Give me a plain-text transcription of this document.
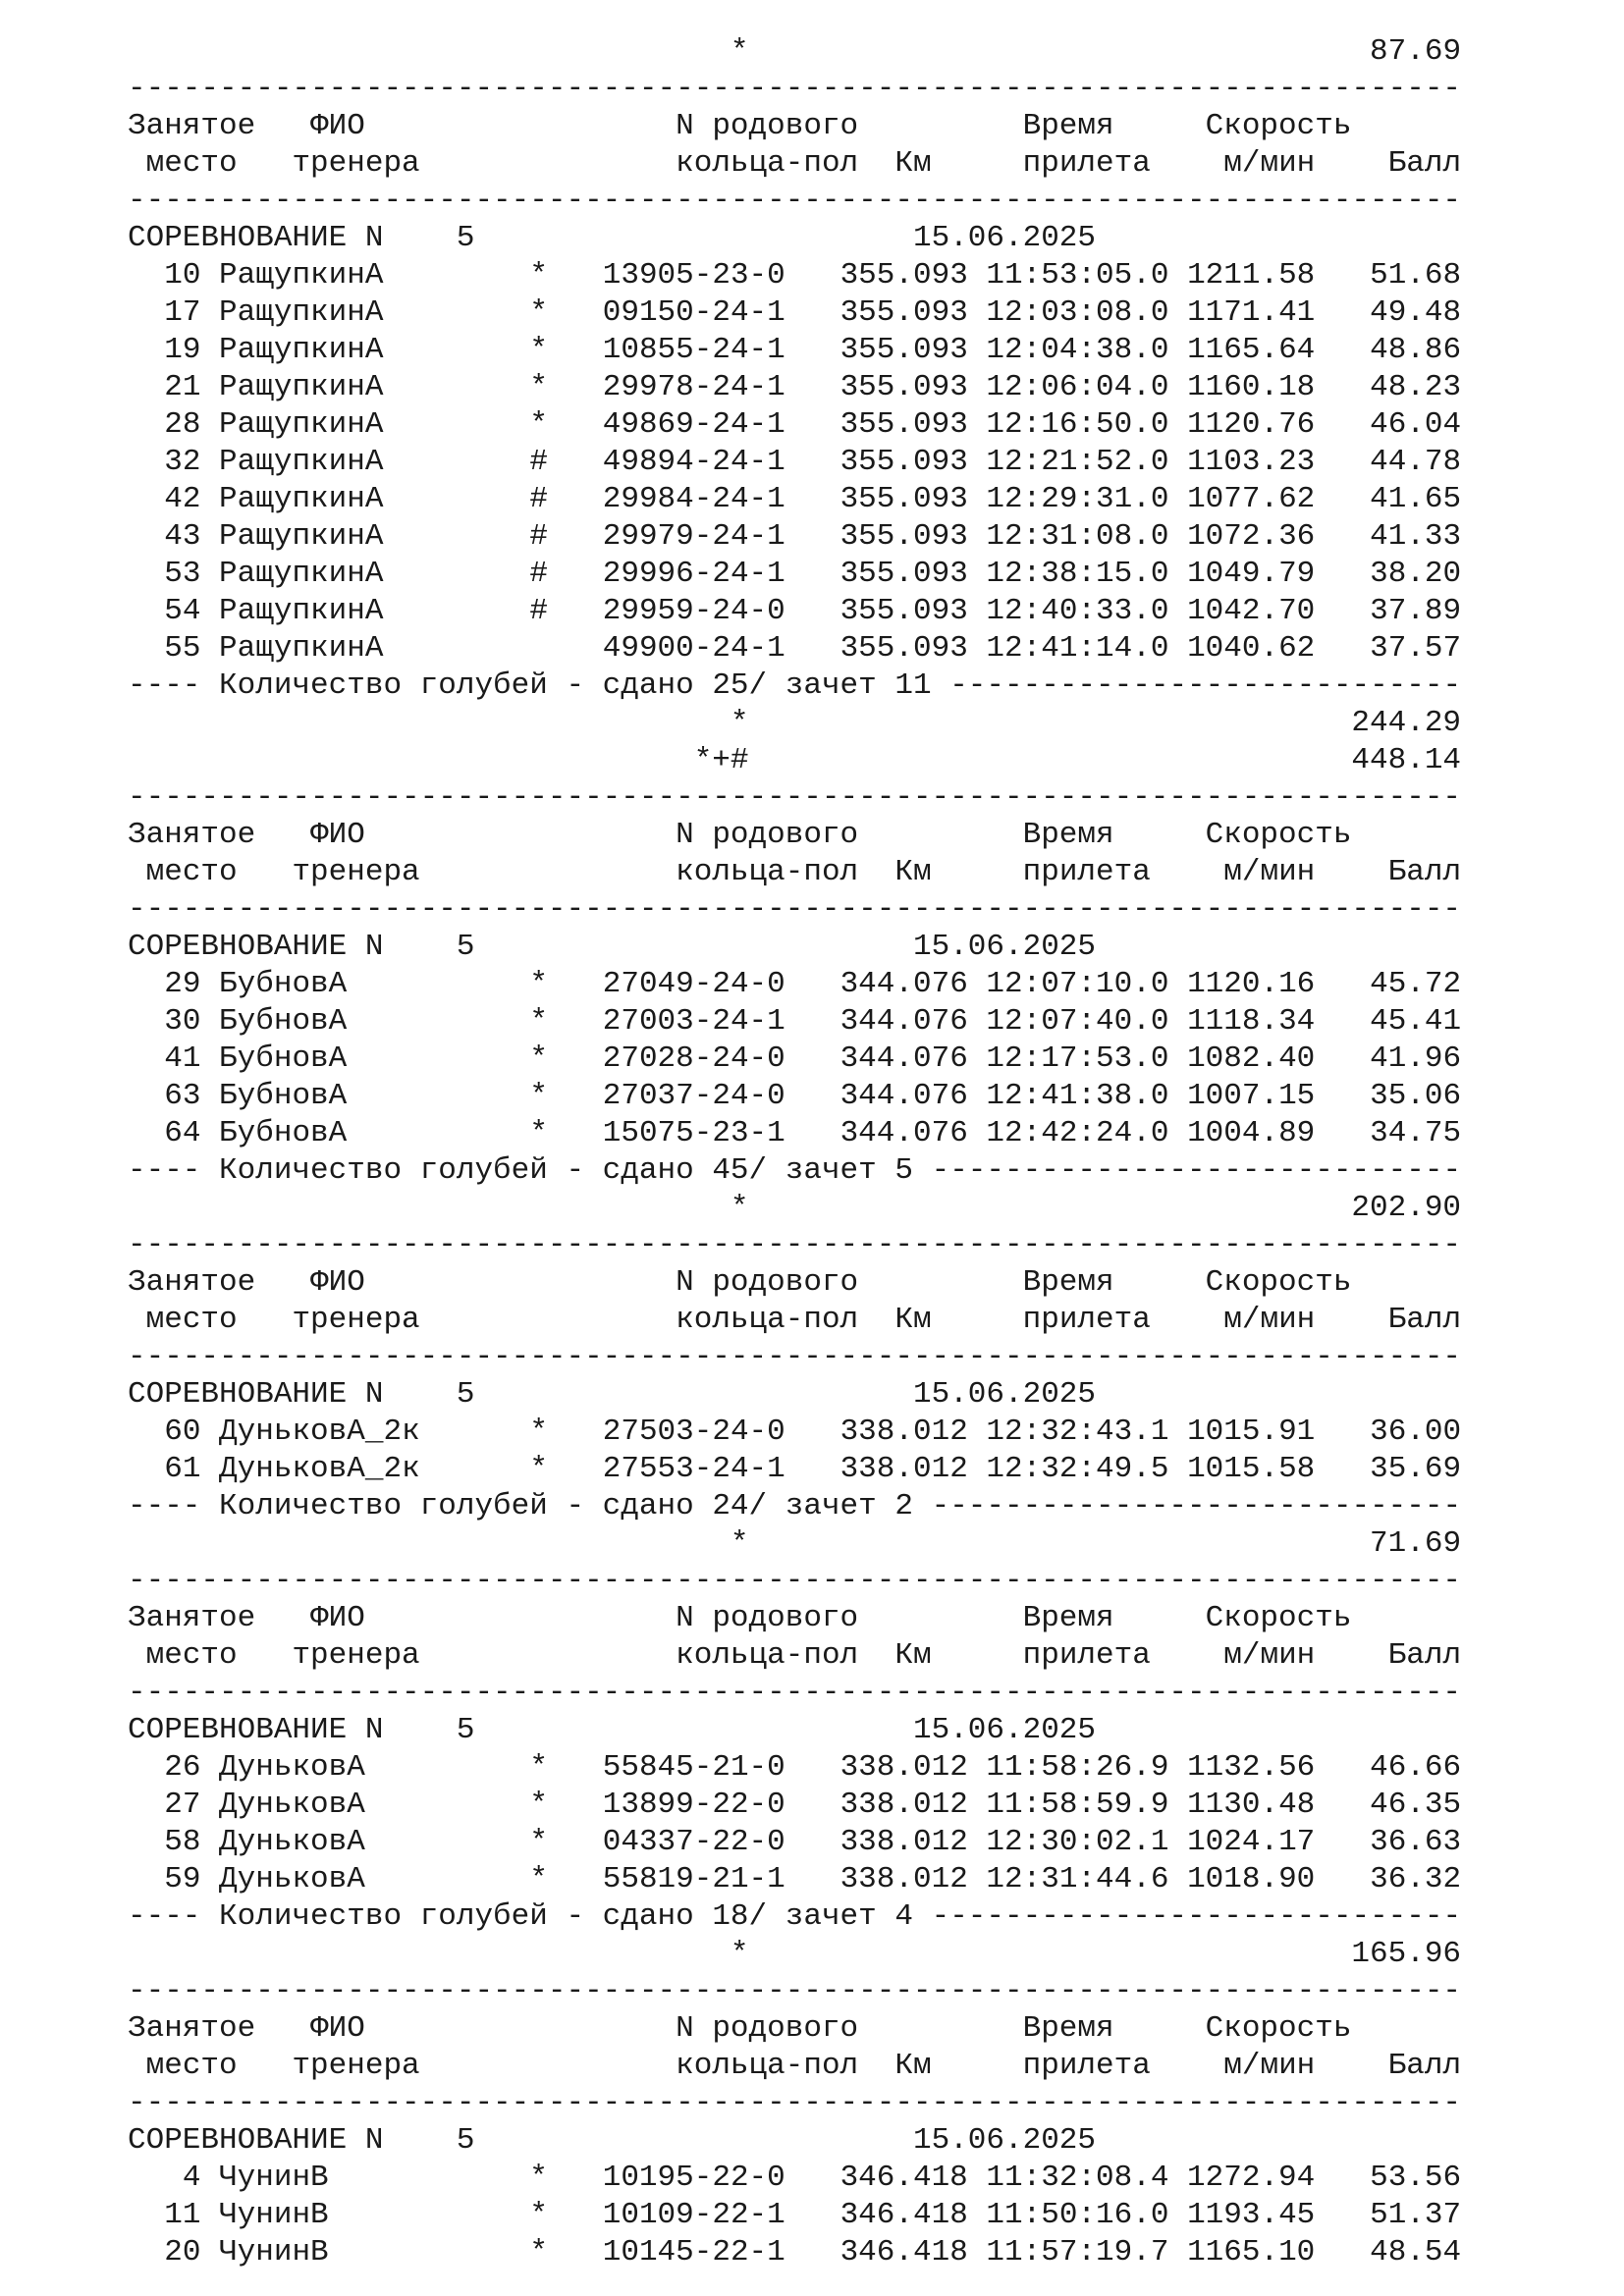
*	87.69
-------------------------------------------------------------------------
Занятое ФИО	N родового	Время	Скорость
место тренера	кольца-пол Км	прилета м/мин Балл
-------------------------------------------------------------------------
СОРЕВНОВАНИЕ N 5	15.06.2025
10 РащупкинА	* 13905-23-0 355.093 11:53:05.0 1211.58 51.68
17 РащупкинА	* 09150-24-1 355.093 12:03:08.0 1171.41 49.48
19 РащупкинА	* 10855-24-1 355.093 12:04:38.0 1165.64 48.86
21 РащупкинА	* 29978-24-1 355.093 12:06:04.0 1160.18 48.23
28 РащупкинА	* 49869-24-1 355.093 12:16:50.0 1120.76 46.04
32 РащупкинА	# 49894-24-1 355.093 12:21:52.0 1103.23 44.78
42 РащупкинА	# 29984-24-1 355.093 12:29:31.0 1077.62 41.65
43 РащупкинА	# 29979-24-1 355.093 12:31:08.0 1072.36 41.33
53 РащупкинА	# 29996-24-1 355.093 12:38:15.0 1049.79 38.20
54 РащупкинА	# 29959-24-0 355.093 12:40:33.0 1042.70 37.89
55 РащупкинА	49900-24-1 355.093 12:41:14.0 1040.62 37.57
---- Количество голубей - сдано 25/ зачет 11 ----------------------------
*	244.29
*+#	448.14
-------------------------------------------------------------------------
Занятое ФИО	N родового	Время	Скорость
место тренера	кольца-пол Км	прилета м/мин Балл
-------------------------------------------------------------------------
СОРЕВНОВАНИЕ N 5	15.06.2025
29 БубновА	* 27049-24-0 344.076 12:07:10.0 1120.16 45.72
30 БубновА	* 27003-24-1 344.076 12:07:40.0 1118.34 45.41
41 БубновА	* 27028-24-0 344.076 12:17:53.0 1082.40 41.96
63 БубновА	* 27037-24-0 344.076 12:41:38.0 1007.15 35.06
64 БубновА	* 15075-23-1 344.076 12:42:24.0 1004.89 34.75
---- Количество голубей - сдано 45/ зачет 5 -----------------------------
*	202.90
-------------------------------------------------------------------------
Занятое ФИО	N родового	Время	Скорость
место тренера	кольца-пол Км	прилета м/мин Балл
-------------------------------------------------------------------------
СОРЕВНОВАНИЕ N 5	15.06.2025
60 ДуньковА_2к	* 27503-24-0 338.012 12:32:43.1 1015.91 36.00
61 ДуньковА_2к	* 27553-24-1 338.012 12:32:49.5 1015.58 35.69
---- Количество голубей - сдано 24/ зачет 2 -----------------------------
*	71.69
-------------------------------------------------------------------------
Занятое ФИО	N родового	Время	Скорость
место тренера	кольца-пол Км	прилета м/мин Балл
-------------------------------------------------------------------------
СОРЕВНОВАНИЕ N 5	15.06.2025
26 ДуньковА	* 55845-21-0 338.012 11:58:26.9 1132.56 46.66
27 ДуньковА	* 13899-22-0 338.012 11:58:59.9 1130.48 46.35
58 ДуньковА	* 04337-22-0 338.012 12:30:02.1 1024.17 36.63
59 ДуньковА	* 55819-21-1 338.012 12:31:44.6 1018.90 36.32
---- Количество голубей - сдано 18/ зачет 4 -----------------------------
*	165.96
-------------------------------------------------------------------------
Занятое ФИО	N родового	Время	Скорость
место тренера	кольца-пол Км	прилета м/мин Балл
-------------------------------------------------------------------------
СОРЕВНОВАНИЕ N 5	15.06.2025
4 ЧунинВ	* 10195-22-0 346.418 11:32:08.4 1272.94 53.56
11 ЧунинВ	* 10109-22-1 346.418 11:50:16.0 1193.45 51.37
20 ЧунинВ	* 10145-22-1 346.418 11:57:19.7 1165.10 48.54
